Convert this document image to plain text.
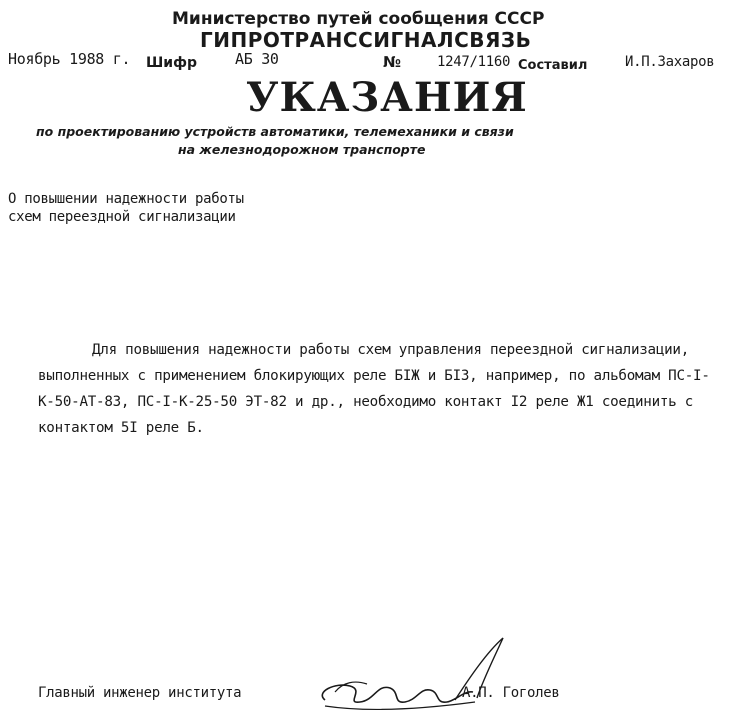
Министерство путей сообщения СССР
ГИПРОТРАНССИГНАЛСВЯЗЬ
Ноябрь 1988 г. Шифр	АБ 30	№	1247/1160 Составил	И.П.Захаров
УКАЗАНИЯ
по проектированию устройств автоматики, телемеханики и связи
на железнодорожном транспорте
О повышении надежности работы
схем переездной сигнализации
Для повышения надежности работы схем управления переездной сигнализации, выполненных с применением блокирующих реле БIЖ и БIЗ, например, по альбомам ПС-I-К-50-АТ-83, ПС-I-К-25-50 ЭТ-82 и др., необходимо контакт I2 реле Ж1 соединить с контактом 5I реле Б.
Главный инженер института	А.П. Гоголев
